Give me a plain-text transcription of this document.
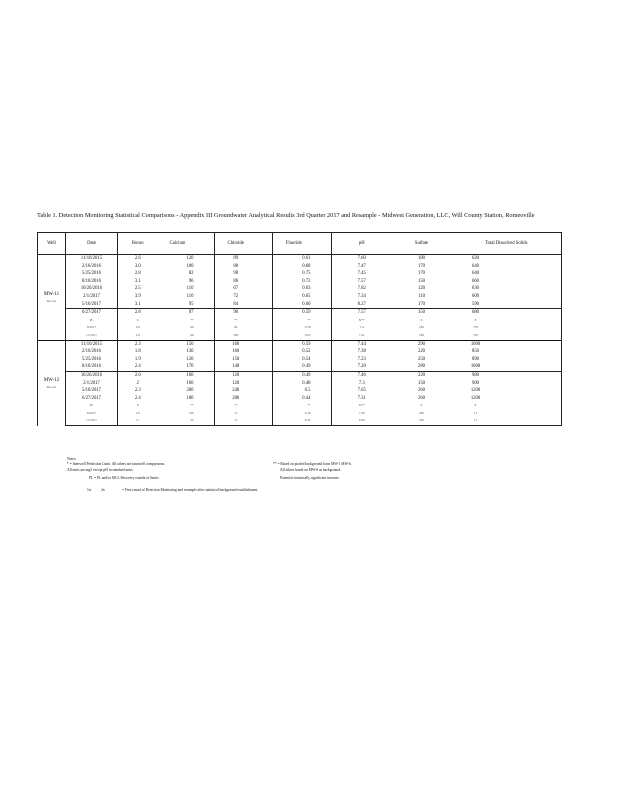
Table 1. Detection Monitoring Statistical Comparisons - Appendix III Groundwater Analytical Results 3rd Quarter 2017 and Resample - Midwest Generation, LLC, Will County Station, Romeoville
Well	Date	Boron	Calcium		Chloride		Fluoride		pH	Sulfate	Total Dissolved Solids	

MW-11
mw-sw	11/10/2015	2.6	120		89		0.61		7.60	180	620	
	2/16/2016	3.0	100		88		0.68		7.47	170	640	
	5/25/2016	2.8	82		98		0.75		7.45	170	640	
	8/10/2016	3.1	96		86		0.72		7.57	150	660	
	10/26/2016	2.5	110		67		0.63		7.82	120	630	
	2/1/2017	3.9	110		72		0.65		7.34	110	600	
	5/10/2017	3.1	95		84		0.66		8.27	170	590	
	6/27/2017	2.8	87		90		0.59		7.57	150	680	
	PL	6	**		**		**		8/**	6	8	
	8/2017	2.8	90		94		0.58		7.4	180	750	
	11/2017	2.9	96		100		0.65		7.41	160	750	

MW-12
mw-sw	11/10/2015	2.3	150		160		0.59		7.44	290	1000	
	2/16/2016	1.8	130		160		0.52		7.38	220	850	
	5/25/2016	1.9	120		150		0.54		7.23	250	890	
	8/10/2016	2.4	170		140		0.49		7.20	280	1000	
	10/26/2016	2.6	160		120		0.49		7.46	220	980	
	2/1/2017	2	160		120		0.48		7.3	150	900	
	5/10/2017	2.3	200		240		0.5		7.65	260	1200	
	6/27/2017	2.4	180		280		0.44		7.31	260	1200	
	PL	6	**		**		**		8/**	6	8	
	8/2017	2.6	190		11		0.49		7.26	260	11	
	11/2017	1.7	55		11		0.47		6.90	250	11	
Notes:
* = Interwell Prediction Limit. All others are intrawell comparisons.
All units are mg/l except pH in standard units.
PL = PL and/or MCL Recovery outside of limits.
** = Based on pooled background from MW-1 MW-6.
All others based on MW-6 as background.
Potential statistically significant increase.
1st	2n	= First round of Detection Monitoring and resample after statistical background establishment.
